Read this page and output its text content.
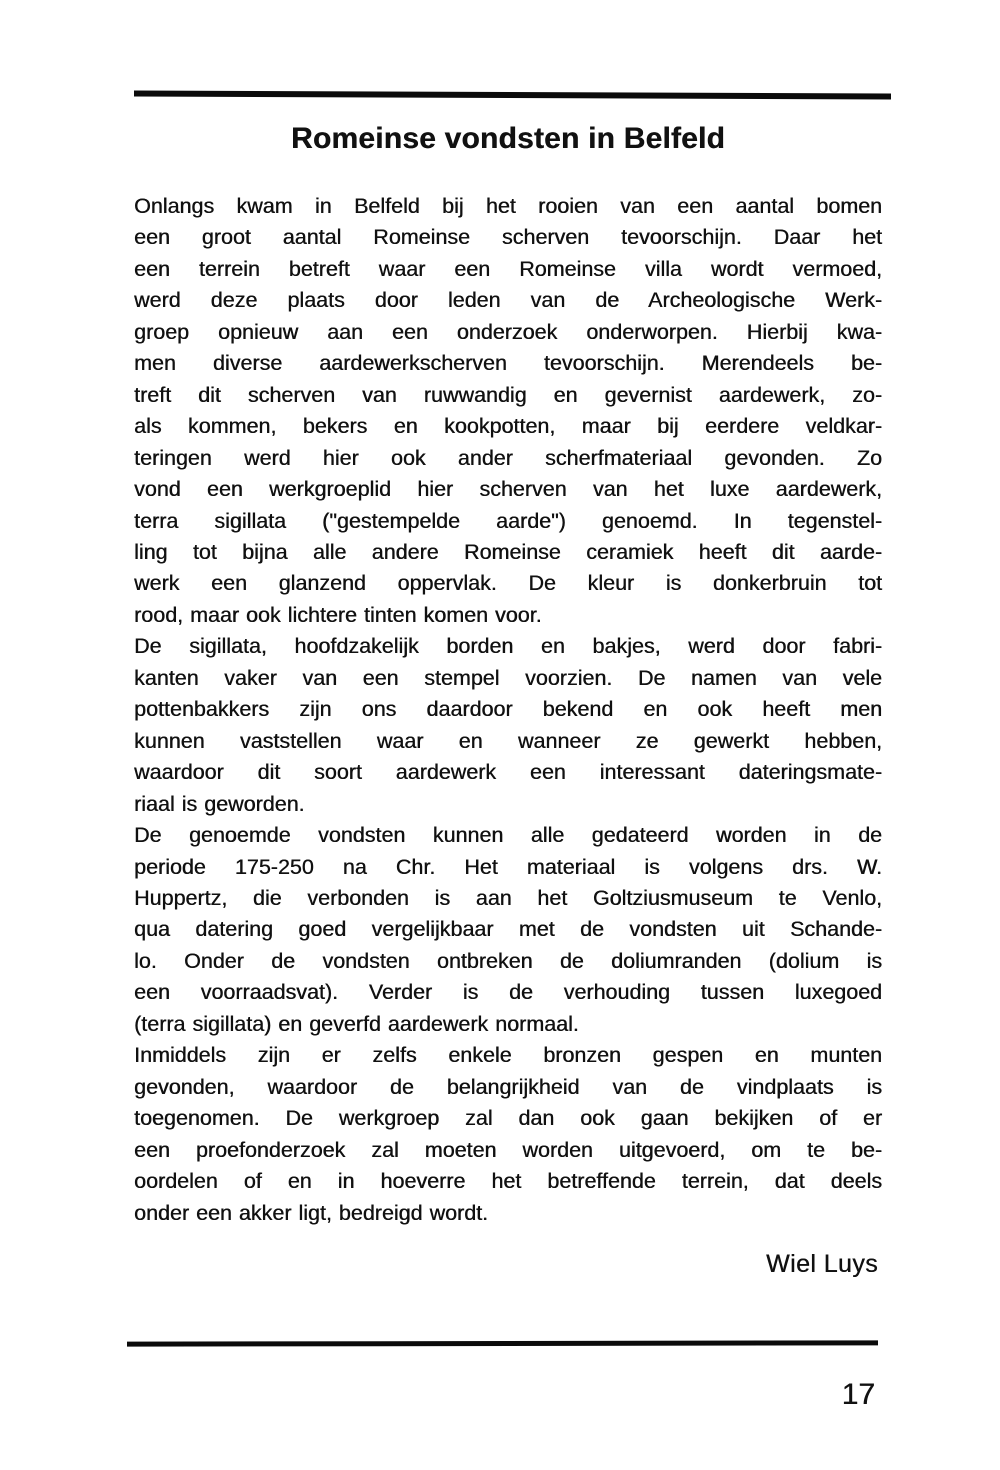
Romeinse vondsten in Belfeld
Onlangs kwam in Belfeld bij het rooien van een aantal bomen
een groot aantal Romeinse scherven tevoorschijn. Daar het
een terrein betreft waar een Romeinse villa wordt vermoed,
werd deze plaats door leden van de Archeologische Werk-
groep opnieuw aan een onderzoek onderworpen. Hierbij kwa-
men diverse aardewerkscherven tevoorschijn. Merendeels be-
treft dit scherven van ruwwandig en gevernist aardewerk, zo-
als kommen, bekers en kookpotten, maar bij eerdere veldkar-
teringen werd hier ook ander scherfmateriaal gevonden. Zo
vond een werkgroeplid hier scherven van het luxe aardewerk,
terra sigillata ("gestempelde aarde") genoemd. In tegenstel-
ling tot bijna alle andere Romeinse ceramiek heeft dit aarde-
werk een glanzend oppervlak. De kleur is donkerbruin tot
rood, maar ook lichtere tinten komen voor.
De sigillata, hoofdzakelijk borden en bakjes, werd door fabri-
kanten vaker van een stempel voorzien. De namen van vele
pottenbakkers zijn ons daardoor bekend en ook heeft men
kunnen vaststellen waar en wanneer ze gewerkt hebben,
waardoor dit soort aardewerk een interessant dateringsmate-
riaal is geworden.
De genoemde vondsten kunnen alle gedateerd worden in de
periode 175-250 na Chr. Het materiaal is volgens drs. W.
Huppertz, die verbonden is aan het Goltziusmuseum te Venlo,
qua datering goed vergelijkbaar met de vondsten uit Schande-
lo. Onder de vondsten ontbreken de doliumranden (dolium is
een voorraadsvat). Verder is de verhouding tussen luxegoed
(terra sigillata) en geverfd aardewerk normaal.
Inmiddels zijn er zelfs enkele bronzen gespen en munten
gevonden, waardoor de belangrijkheid van de vindplaats is
toegenomen. De werkgroep zal dan ook gaan bekijken of er
een proefonderzoek zal moeten worden uitgevoerd, om te be-
oordelen of en in hoeverre het betreffende terrein, dat deels
onder een akker ligt, bedreigd wordt.
Wiel Luys
17
